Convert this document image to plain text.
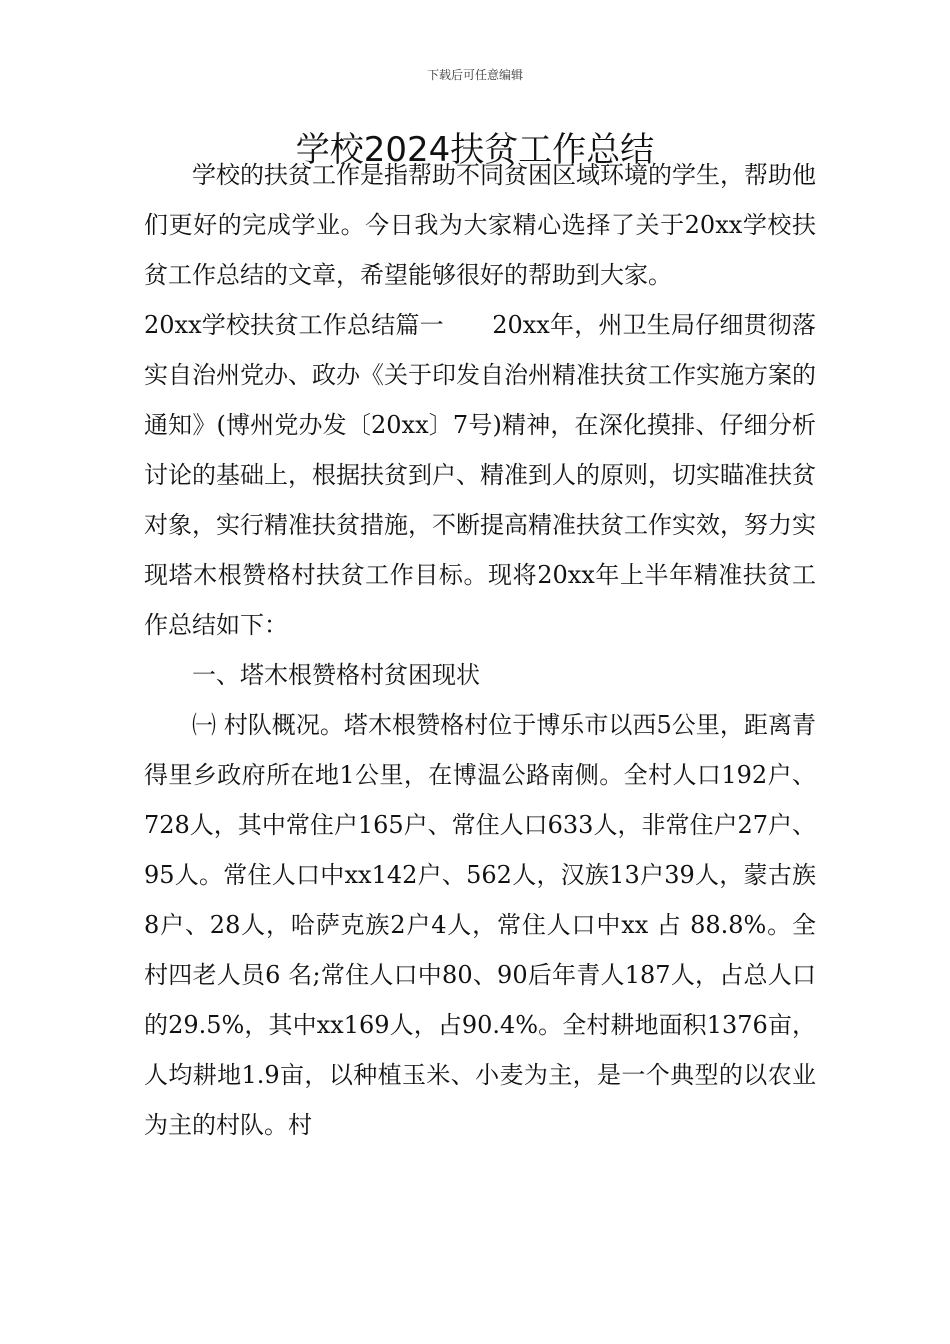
下载后可任意编辑
学校2024扶贫工作总结

学校的扶贫工作是指帮助不同贫困区域环境的学生，帮助他们更好的完成学业。今日我为大家精心选择了关于20xx学校扶贫工作总结的文章，希望能够很好的帮助到大家。

20xx学校扶贫工作总结篇一　　20xx年，州卫生局仔细贯彻落实自治州党办、政办《关于印发自治州精准扶贫工作实施方案的通知》(博州党办发〔20xx〕7号)精神，在深化摸排、仔细分析讨论的基础上，根据扶贫到户、精准到人的原则，切实瞄准扶贫对象，实行精准扶贫措施，不断提高精准扶贫工作实效，努力实现塔木根赞格村扶贫工作目标。现将20xx年上半年精准扶贫工作总结如下：

一、塔木根赞格村贫困现状

㈠ 村队概况。塔木根赞格村位于博乐市以西5公里，距离青得里乡政府所在地1公里，在博温公路南侧。全村人口192户、728人，其中常住户165户、常住人口633人，非常住户27户、95人。常住人口中xx142户、562人，汉族13户39人，蒙古族8户、28人，哈萨克族2户4人，常住人口中xx 占 88.8%。全村四老人员6 名;常住人口中80、90后年青人187人，占总人口的29.5%，其中xx169人，占90.4%。全村耕地面积1376亩，人均耕地1.9亩，以种植玉米、小麦为主，是一个典型的以农业为主的村队。村
